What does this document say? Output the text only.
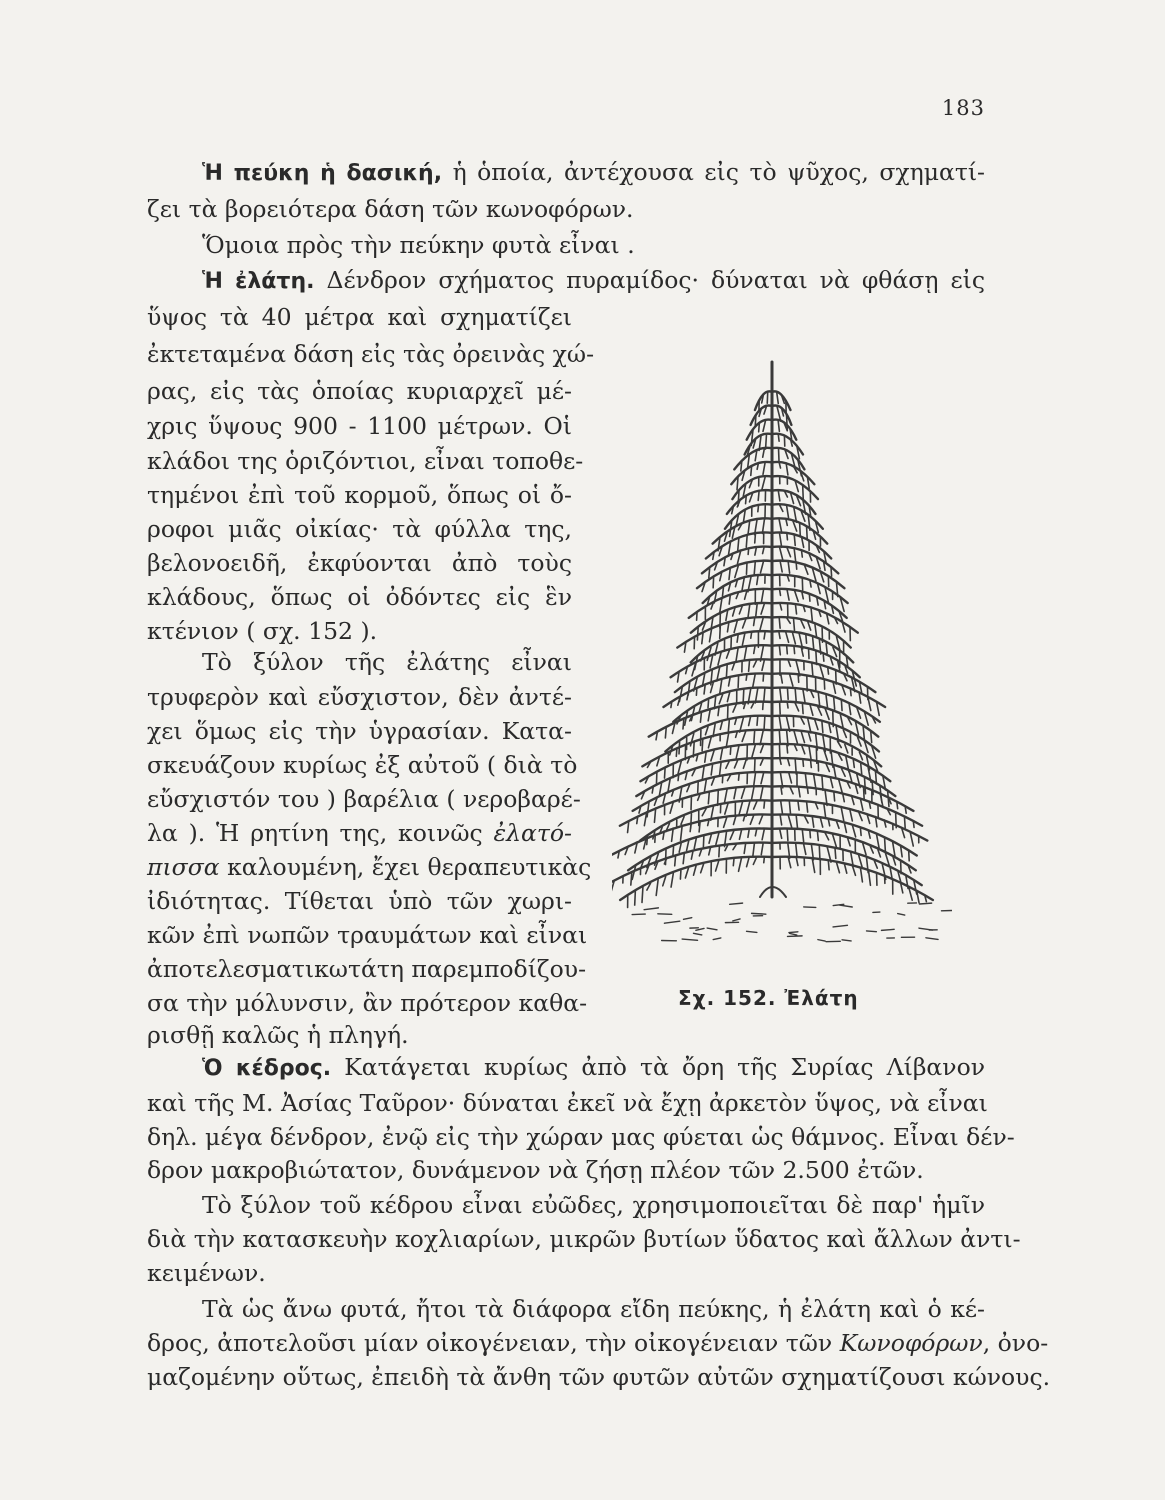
183
Ἡ πεύκη ἡ δασική, ἡ ὁποία, ἀντέχουσα εἰς τὸ ψῦχος, σχηματί-
ζει τὰ βορειότερα δάση τῶν κωνοφόρων.
Ὅμοια πρὸς τὴν πεύκην φυτὰ εἶναι .
Ἡ ἐλάτη. Δένδρον σχήματος πυραμίδος· δύναται νὰ φθάσῃ εἰς
ὕψος τὰ 40 μέτρα καὶ σχηματίζει
ἐκτεταμένα δάση εἰς τὰς ὀρεινὰς χώ-
ρας, εἰς τὰς ὁποίας κυριαρχεῖ μέ-
χρις ὕψους 900 - 1100 μέτρων. Οἱ
κλάδοι της ὁριζόντιοι, εἶναι τοποθε-
τημένοι ἐπὶ τοῦ κορμοῦ, ὅπως οἱ ὄ-
ροφοι μιᾶς οἰκίας· τὰ φύλλα της,
βελονοειδῆ, ἐκφύονται ἀπὸ τοὺς
κλάδους, ὅπως οἱ ὀδόντες εἰς ἓν
κτένιον ( σχ. 152 ).
Τὸ ξύλον τῆς ἐλάτης εἶναι
τρυφερὸν καὶ εὔσχιστον, δὲν ἀντέ-
χει ὅμως εἰς τὴν ὑγρασίαν. Κατα-
σκευάζουν κυρίως ἐξ αὐτοῦ ( διὰ τὸ
εὔσχιστόν του ) βαρέλια ( νεροβαρέ-
λα ). Ἡ ρητίνη της, κοινῶς ἐλατό-
πισσα καλουμένη, ἔχει θεραπευτικὰς
ἰδιότητας. Τίθεται ὑπὸ τῶν χωρι-
κῶν ἐπὶ νωπῶν τραυμάτων καὶ εἶναι
ἀποτελεσματικωτάτη παρεμποδίζου-
σα τὴν μόλυνσιν, ἂν πρότερον καθα-
ρισθῇ καλῶς ἡ πληγή.
Σχ. 152. Ἐλάτη
Ὁ κέδρος. Κατάγεται κυρίως ἀπὸ τὰ ὄρη τῆς Συρίας Λίβανον
καὶ τῆς Μ. Ἀσίας Ταῦρον· δύναται ἐκεῖ νὰ ἔχῃ ἀρκετὸν ὕψος, νὰ εἶναι
δηλ. μέγα δένδρον, ἐνῷ εἰς τὴν χώραν μας φύεται ὡς θάμνος. Εἶναι δέν-
δρον μακροβιώτατον, δυνάμενον νὰ ζήσῃ πλέον τῶν 2.500 ἐτῶν.
Τὸ ξύλον τοῦ κέδρου εἶναι εὐῶδες, χρησιμοποιεῖται δὲ παρ' ἡμῖν
διὰ τὴν κατασκευὴν κοχλιαρίων, μικρῶν βυτίων ὕδατος καὶ ἄλλων ἀντι-
κειμένων.
Τὰ ὡς ἄνω φυτά, ἤτοι τὰ διάφορα εἴδη πεύκης, ἡ ἐλάτη καὶ ὁ κέ-
δρος, ἀποτελοῦσι μίαν οἰκογένειαν, τὴν οἰκογένειαν τῶν Κωνοφόρων, ὀνο-
μαζομένην οὕτως, ἐπειδὴ τὰ ἄνθη τῶν φυτῶν αὐτῶν σχηματίζουσι κώνους.
